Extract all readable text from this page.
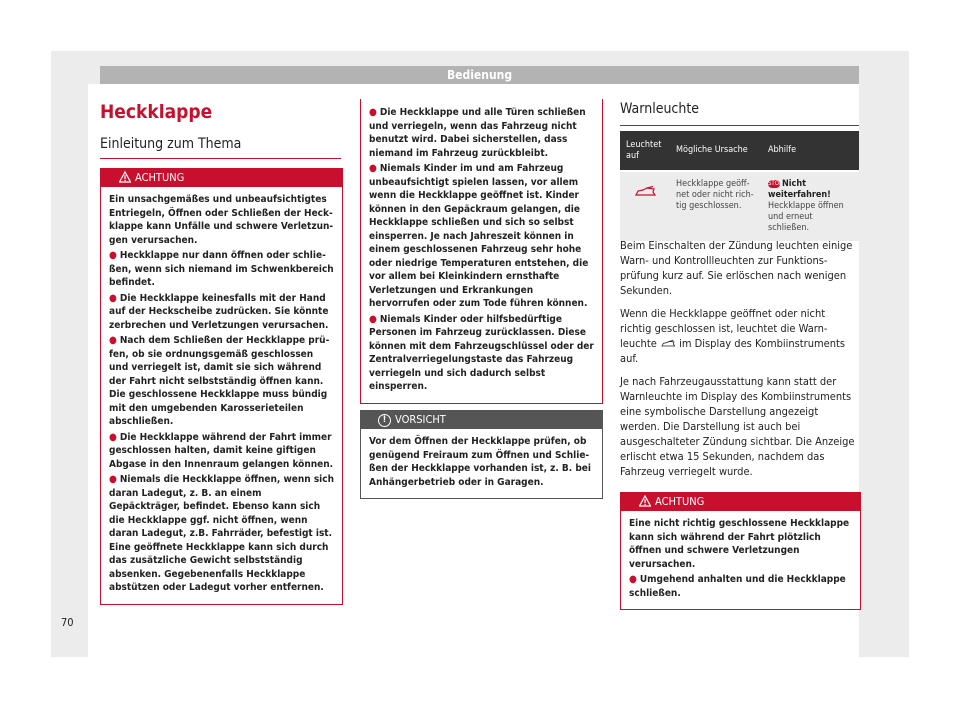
Bedienung
Heckklappe
Einleitung zum Thema
ACHTUNG

Ein unsachgemäßes und unbeaufsichtigtes Entriegeln, Öffnen oder Schließen der Heckklappe kann Unfälle und schwere Verletzungen verursachen.

● Heckklappe nur dann öffnen oder schließen, wenn sich niemand im Schwenkbereich befindet.

● Die Heckklappe keinesfalls mit der Hand auf der Heckscheibe zudrücken. Sie könnte zerbrechen und Verletzungen verursachen.

● Nach dem Schließen der Heckklappe prüfen, ob sie ordnungsgemäß geschlossen und verriegelt ist, damit sie sich während der Fahrt nicht selbstständig öffnen kann. Die geschlossene Heckklappe muss bündig mit den umgebenden Karosserieteilen abschließen.

● Die Heckklappe während der Fahrt immer geschlossen halten, damit keine giftigen Abgase in den Innenraum gelangen können.

● Niemals die Heckklappe öffnen, wenn sich daran Ladegut, z. B. an einem Gepäckträger, befindet. Ebenso kann sich die Heckklappe ggf. nicht öffnen, wenn daran Ladegut, z.B. Fahrräder, befestigt ist. Eine geöffnete Heckklappe kann sich durch das zusätzliche Gewicht selbstständig absenken. Gegebenenfalls Heckklappe abstützen oder Ladegut vorher entfernen.

● Die Heckklappe und alle Türen schließen und verriegeln, wenn das Fahrzeug nicht benutzt wird. Dabei sicherstellen, dass niemand im Fahrzeug zurückbleibt.

● Niemals Kinder im und am Fahrzeug unbeaufsichtigt spielen lassen, vor allem wenn die Heckklappe geöffnet ist. Kinder können in den Gepäckraum gelangen, die Heckklappe schließen und sich so selbst einsperren. Je nach Jahreszeit können in einem geschlossenen Fahrzeug sehr hohe oder niedrige Temperaturen entstehen, die vor allem bei Kleinkindern ernsthafte Verletzungen und Erkrankungen hervorrufen oder zum Tode führen können.

● Niemals Kinder oder hilfsbedürftige Personen im Fahrzeug zurücklassen. Diese können mit dem Fahrzeugschlüssel oder der Zentralverriegelungstaste das Fahrzeug verriegeln und sich dadurch selbst einsperren.

! VORSICHT

Vor dem Öffnen der Heckklappe prüfen, ob genügend Freiraum zum Öffnen und Schließen der Heckklappe vorhanden ist, z. B. bei Anhängerbetrieb oder in Garagen.

Warnleuchte
Leuchtet auf	Mögliche Ursache	Abhilfe
	Heckklappe geöffnet oder nicht richtig geschlossen.	STOPNicht weiterfahren!
Heckklappe öffnen und erneut schließen.

Beim Einschalten der Zündung leuchten einige Warn- und Kontrollleuchten zur Funktionsprüfung kurz auf. Sie erlöschen nach wenigen Sekunden.

Wenn die Heckklappe geöffnet oder nicht richtig geschlossen ist, leuchtet die Warnleuchte im Display des Kombiinstruments auf.

Je nach Fahrzeugausstattung kann statt der Warnleuchte im Display des Kombiinstruments eine symbolische Darstellung angezeigt werden. Die Darstellung ist auch bei ausgeschalteter Zündung sichtbar. Die Anzeige erlischt etwa 15 Sekunden, nachdem das Fahrzeug verriegelt wurde.

ACHTUNG

Eine nicht richtig geschlossene Heckklappe kann sich während der Fahrt plötzlich öffnen und schwere Verletzungen verursachen.

● Umgehend anhalten und die Heckklappe schließen.

70
